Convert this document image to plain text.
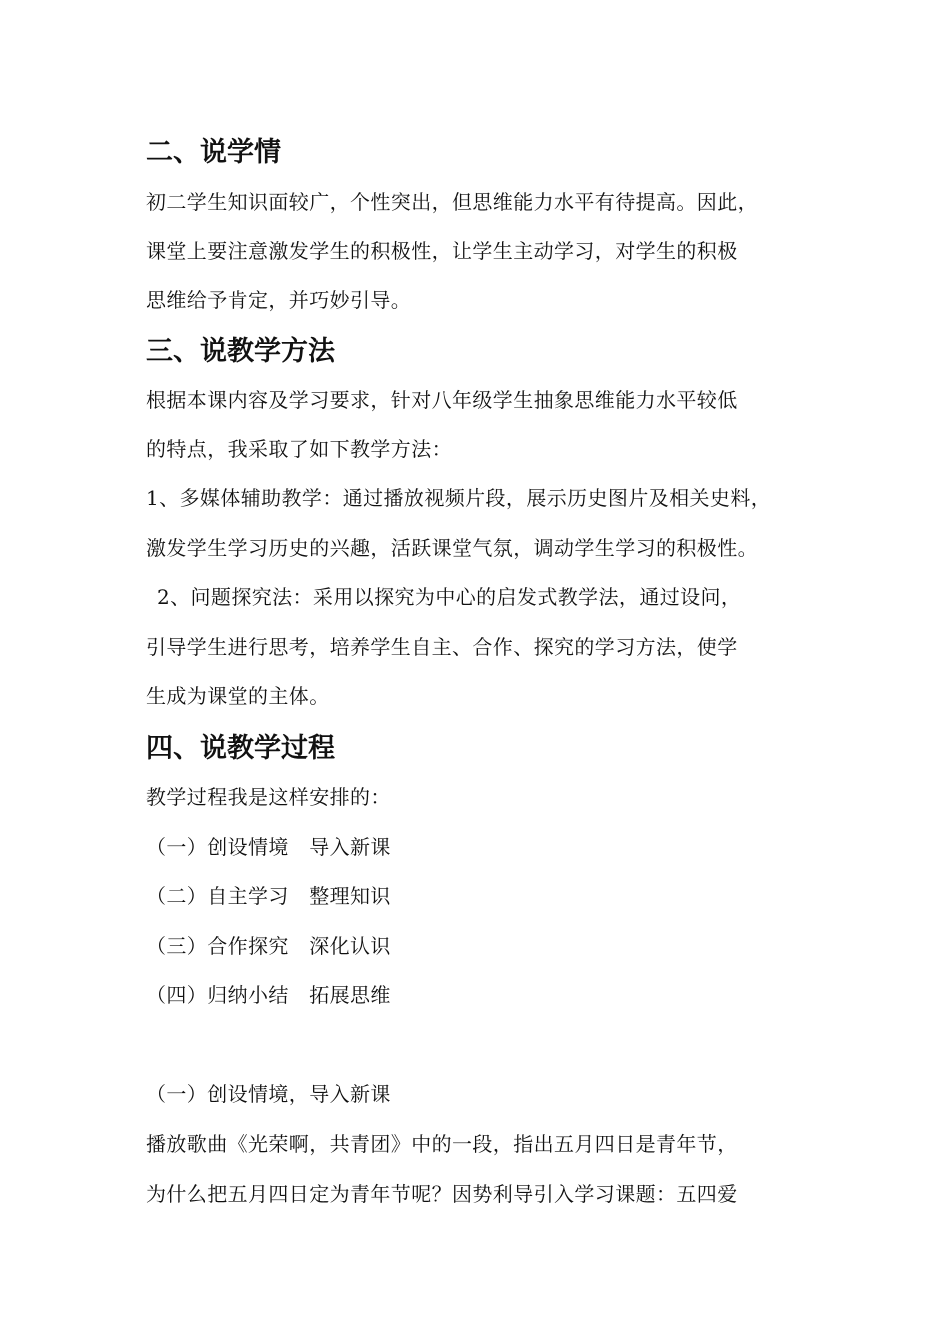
二、说学情
初二学生知识面较广，个性突出，但思维能力水平有待提高。因此，
课堂上要注意激发学生的积极性，让学生主动学习，对学生的积极
思维给予肯定，并巧妙引导。
三、说教学方法
根据本课内容及学习要求，针对八年级学生抽象思维能力水平较低
的特点，我采取了如下教学方法：
1、多媒体辅助教学：通过播放视频片段，展示历史图片及相关史料，
激发学生学习历史的兴趣，活跃课堂气氛，调动学生学习的积极性。
2、问题探究法：采用以探究为中心的启发式教学法，通过设问，
引导学生进行思考，培养学生自主、合作、探究的学习方法，使学
生成为课堂的主体。
四、说教学过程
教学过程我是这样安排的：
（一）创设情境　导入新课
（二）自主学习　整理知识
（三）合作探究　深化认识
（四）归纳小结　拓展思维
（一）创设情境，导入新课
播放歌曲《光荣啊，共青团》中的一段，指出五月四日是青年节，
为什么把五月四日定为青年节呢？因势利导引入学习课题：五四爱
